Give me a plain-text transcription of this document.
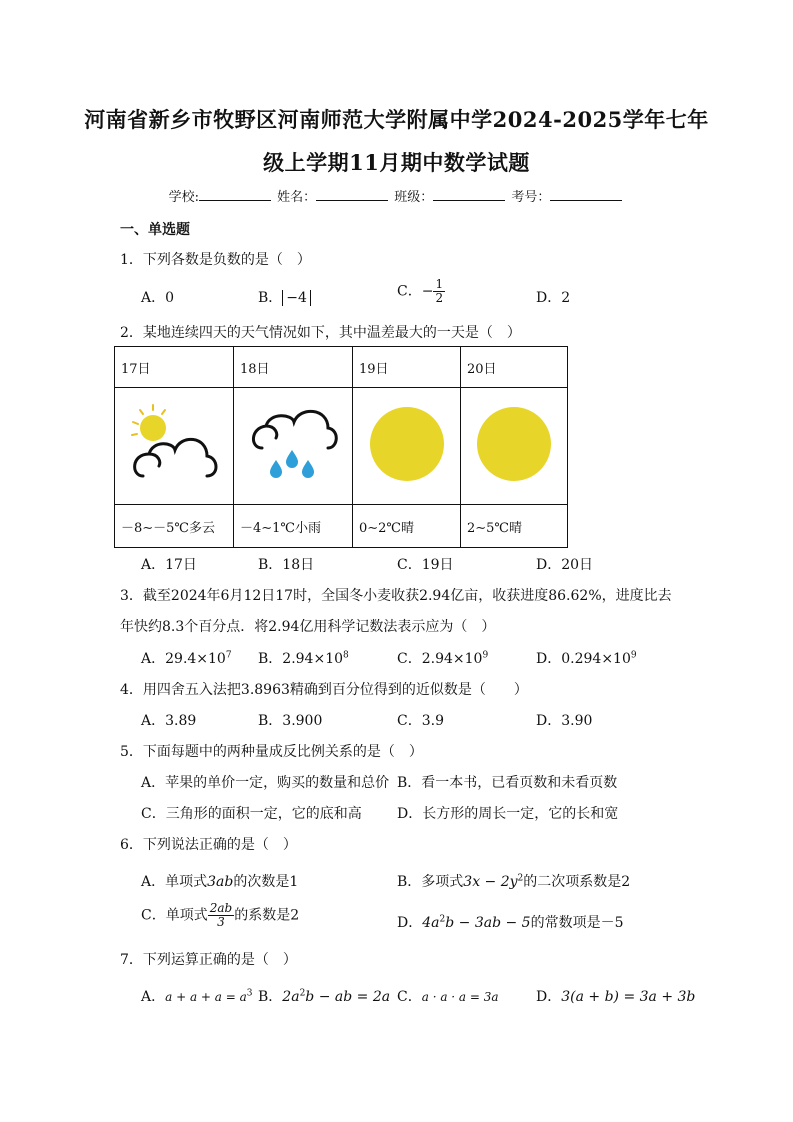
河南省新乡市牧野区河南师范大学附属中学2024-2025学年七年
级上学期11月期中数学试题
学校:	姓名：	班级：	考号：
一、单选题
1．下列各数是负数的是（　）
A．0	B． −4	C．− $\frac{1}{2}$	D．2
2．某地连续四天的天气情况如下，其中温差最大的一天是（　）
17日	18日	19日	20日

－8∼－5℃多云	－4∼1℃小雨	0∼2℃晴	2∼5℃晴
A．17日	B．18日	C．19日	D．20日
3．截至2024年6月12日17时，全国冬小麦收获2.94亿亩，收获进度86.62%，进度比去
年快约8.3个百分点．将2.94亿用科学记数法表示应为（　）
A．$29.4\times 10^7$ B．$2.94\times 10^8$	C．$2.94\times 10^9$	D．$0.294\times 10^9$
4．用四舍五入法把3.8963精确到百分位得到的近似数是（　　）
A．3.89	B．3.900	C．3.9	D．3.90
5．下面每题中的两种量成反比例关系的是（　）
A．苹果的单价一定，购买的数量和总价 B．看一本书，已看页数和未看页数
C．三角形的面积一定，它的底和高	D．长方形的周长一定，它的长和宽
6．下列说法正确的是（　）
A．单项式3ab的次数是1	B．多项式$3x - 2y^2$的二次项系数是2
C．单项式 $\frac{2ab}{3}$ 的系数是2	D．$4a^2b - 3ab - 5$的常数项是－5
7．下列运算正确的是（　）
A．$a + a + a = a^3$ B．$2a^2b$ − ab = 2a C．a · a · a = 3a	D．3(a + b) = 3a + 3b
